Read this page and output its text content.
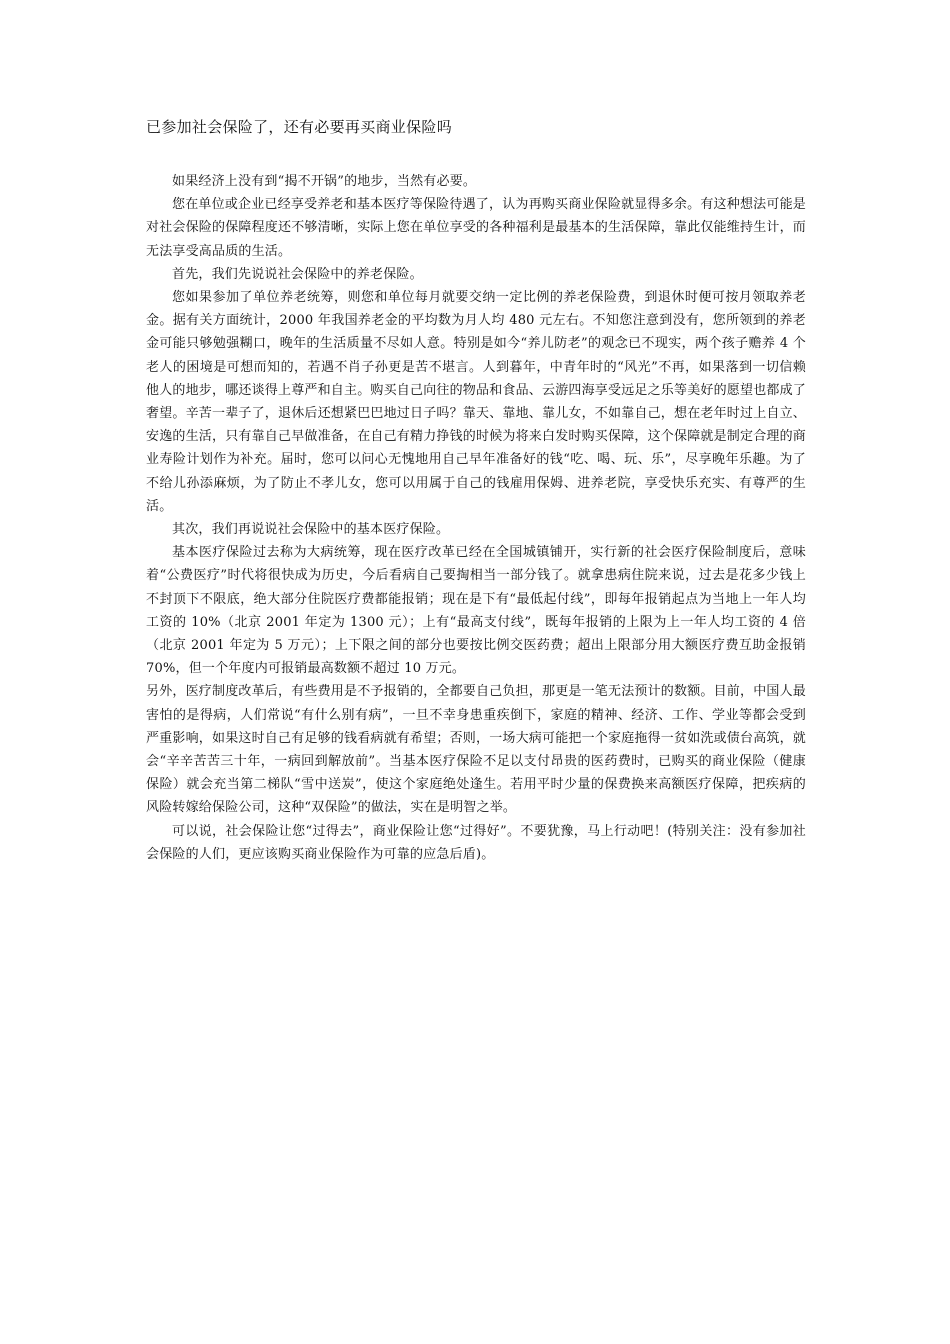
已参加社会保险了，还有必要再买商业保险吗

如果经济上没有到“揭不开锅”的地步，当然有必要。

您在单位或企业已经享受养老和基本医疗等保险待遇了，认为再购买商业保险就显得多余。有这种想法可能是对社会保险的保障程度还不够清晰，实际上您在单位享受的各种福利是最基本的生活保障，靠此仅能维持生计，而无法享受高品质的生活。

首先，我们先说说社会保险中的养老保险。

您如果参加了单位养老统筹，则您和单位每月就要交纳一定比例的养老保险费，到退休时便可按月领取养老金。据有关方面统计，2000 年我国养老金的平均数为月人均 480 元左右。不知您注意到没有，您所领到的养老金可能只够勉强糊口，晚年的生活质量不尽如人意。特别是如今“养儿防老”的观念已不现实，两个孩子赡养 4 个老人的困境是可想而知的，若遇不肖子孙更是苦不堪言。人到暮年，中青年时的“风光”不再，如果落到一切信赖他人的地步，哪还谈得上尊严和自主。购买自己向往的物品和食品、云游四海享受远足之乐等美好的愿望也都成了奢望。辛苦一辈子了，退休后还想紧巴巴地过日子吗？靠天、靠地、靠儿女，不如靠自己，想在老年时过上自立、安逸的生活，只有靠自己早做准备，在自己有精力挣钱的时候为将来白发时购买保障，这个保障就是制定合理的商业寿险计划作为补充。届时，您可以问心无愧地用自己早年准备好的钱“吃、喝、玩、乐”，尽享晚年乐趣。为了不给儿孙添麻烦，为了防止不孝儿女，您可以用属于自己的钱雇用保姆、进养老院，享受快乐充实、有尊严的生活。

其次，我们再说说社会保险中的基本医疗保险。

基本医疗保险过去称为大病统筹，现在医疗改革已经在全国城镇铺开，实行新的社会医疗保险制度后，意味着“公费医疗”时代将很快成为历史，今后看病自己要掏相当一部分钱了。就拿患病住院来说，过去是花多少钱上不封顶下不限底，绝大部分住院医疗费都能报销；现在是下有“最低起付线”，即每年报销起点为当地上一年人均工资的 10%（北京 2001 年定为 1300 元）；上有“最高支付线”，既每年报销的上限为上一年人均工资的 4 倍（北京 2001 年定为 5 万元）；上下限之间的部分也要按比例交医药费；超出上限部分用大额医疗费互助金报销 70%，但一个年度内可报销最高数额不超过 10 万元。

另外，医疗制度改革后，有些费用是不予报销的，全都要自己负担，那更是一笔无法预计的数额。目前，中国人最害怕的是得病，人们常说“有什么别有病”，一旦不幸身患重疾倒下，家庭的精神、经济、工作、学业等都会受到严重影响，如果这时自己有足够的钱看病就有希望；否则，一场大病可能把一个家庭拖得一贫如洗或债台高筑，就会“辛辛苦苦三十年，一病回到解放前”。当基本医疗保险不足以支付昂贵的医药费时，已购买的商业保险（健康保险）就会充当第二梯队“雪中送炭”，使这个家庭绝处逢生。若用平时少量的保费换来高额医疗保障，把疾病的风险转嫁给保险公司，这种“双保险”的做法，实在是明智之举。

可以说，社会保险让您“过得去”，商业保险让您“过得好”。不要犹豫，马上行动吧！(特别关注：没有参加社会保险的人们，更应该购买商业保险作为可靠的应急后盾)。
